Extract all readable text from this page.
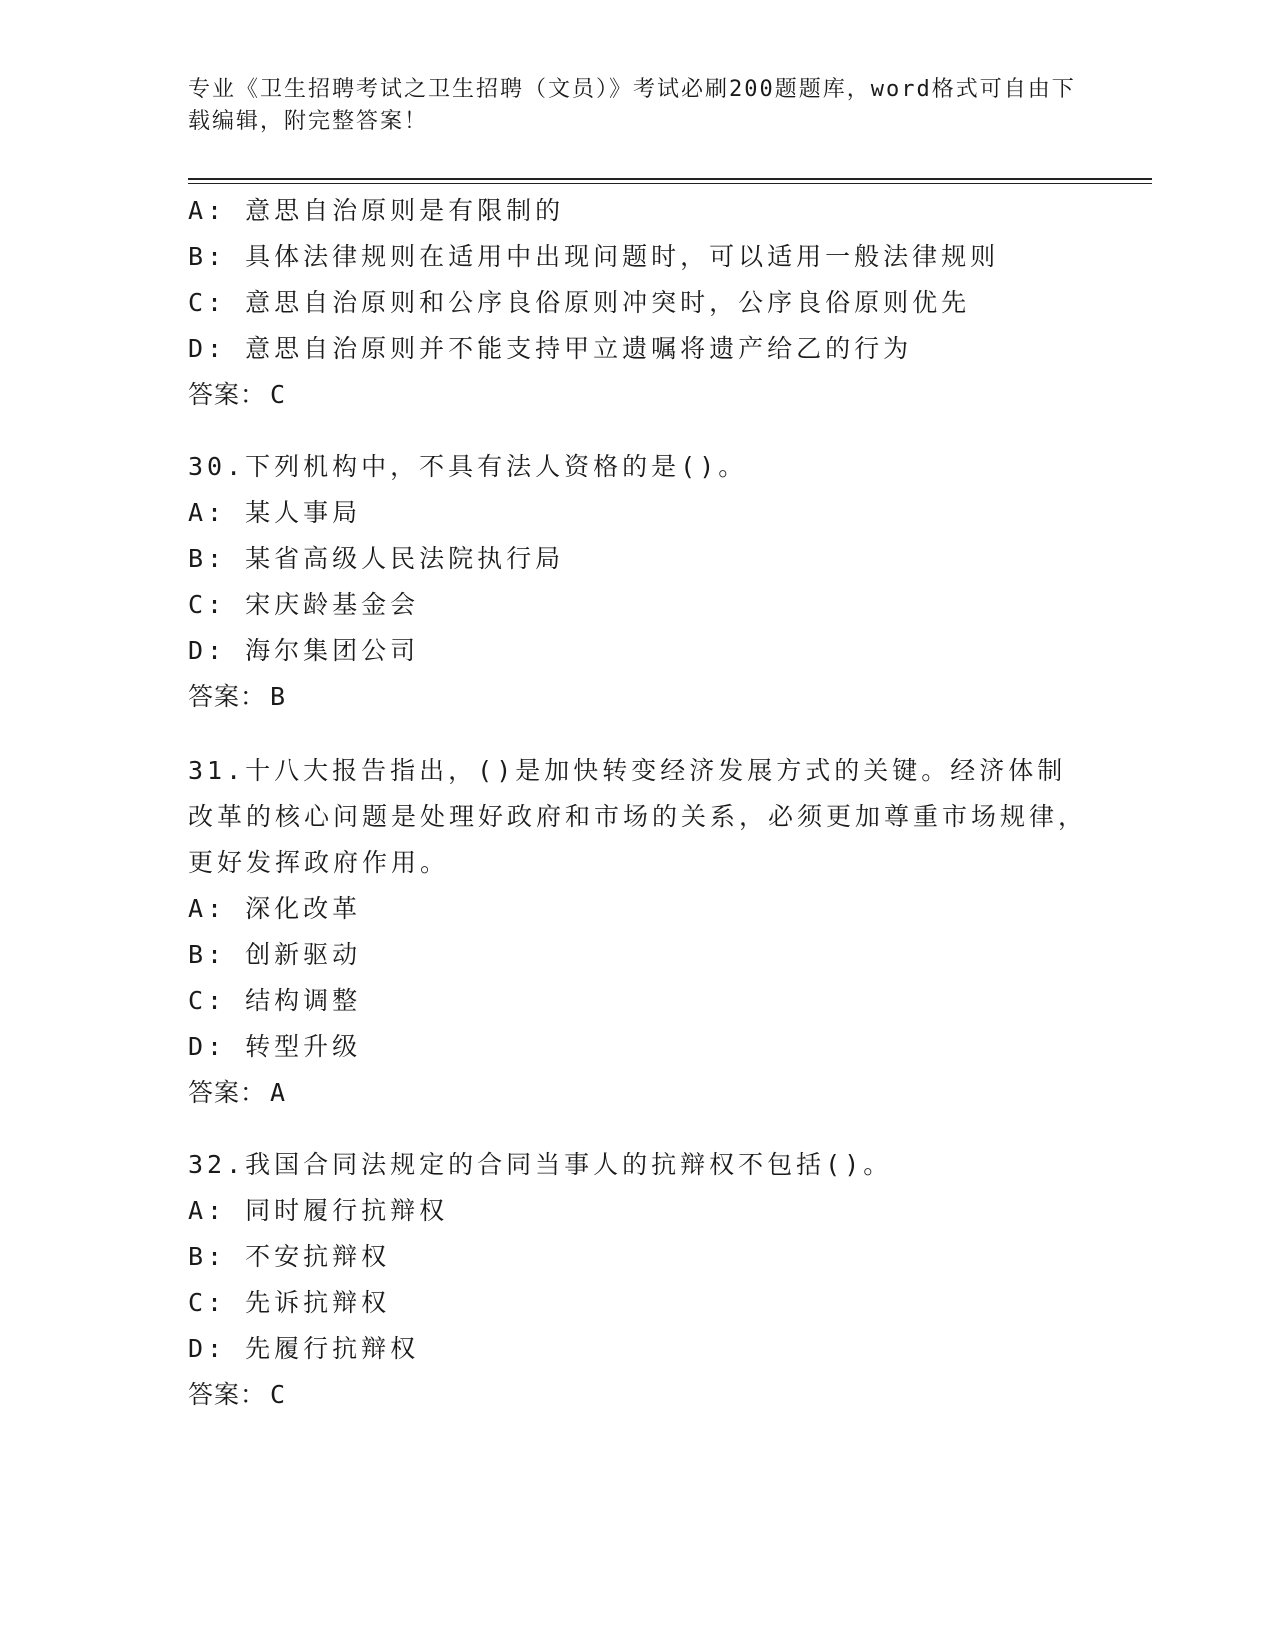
专业《卫生招聘考试之卫生招聘（文员）》考试必刷200题题库，word格式可自由下载编辑，附完整答案！
A: 意思自治原则是有限制的
B: 具体法律规则在适用中出现问题时，可以适用一般法律规则
C: 意思自治原则和公序良俗原则冲突时，公序良俗原则优先
D: 意思自治原则并不能支持甲立遗嘱将遗产给乙的行为
答案： C
30.下列机构中，不具有法人资格的是()。
A: 某人事局
B: 某省高级人民法院执行局
C: 宋庆龄基金会
D: 海尔集团公司
答案： B
31.十八大报告指出，()是加快转变经济发展方式的关键。经济体制改革的核心问题是处理好政府和市场的关系，必须更加尊重市场规律，更好发挥政府作用。
A: 深化改革
B: 创新驱动
C: 结构调整
D: 转型升级
答案： A
32.我国合同法规定的合同当事人的抗辩权不包括()。
A: 同时履行抗辩权
B: 不安抗辩权
C: 先诉抗辩权
D: 先履行抗辩权
答案： C
